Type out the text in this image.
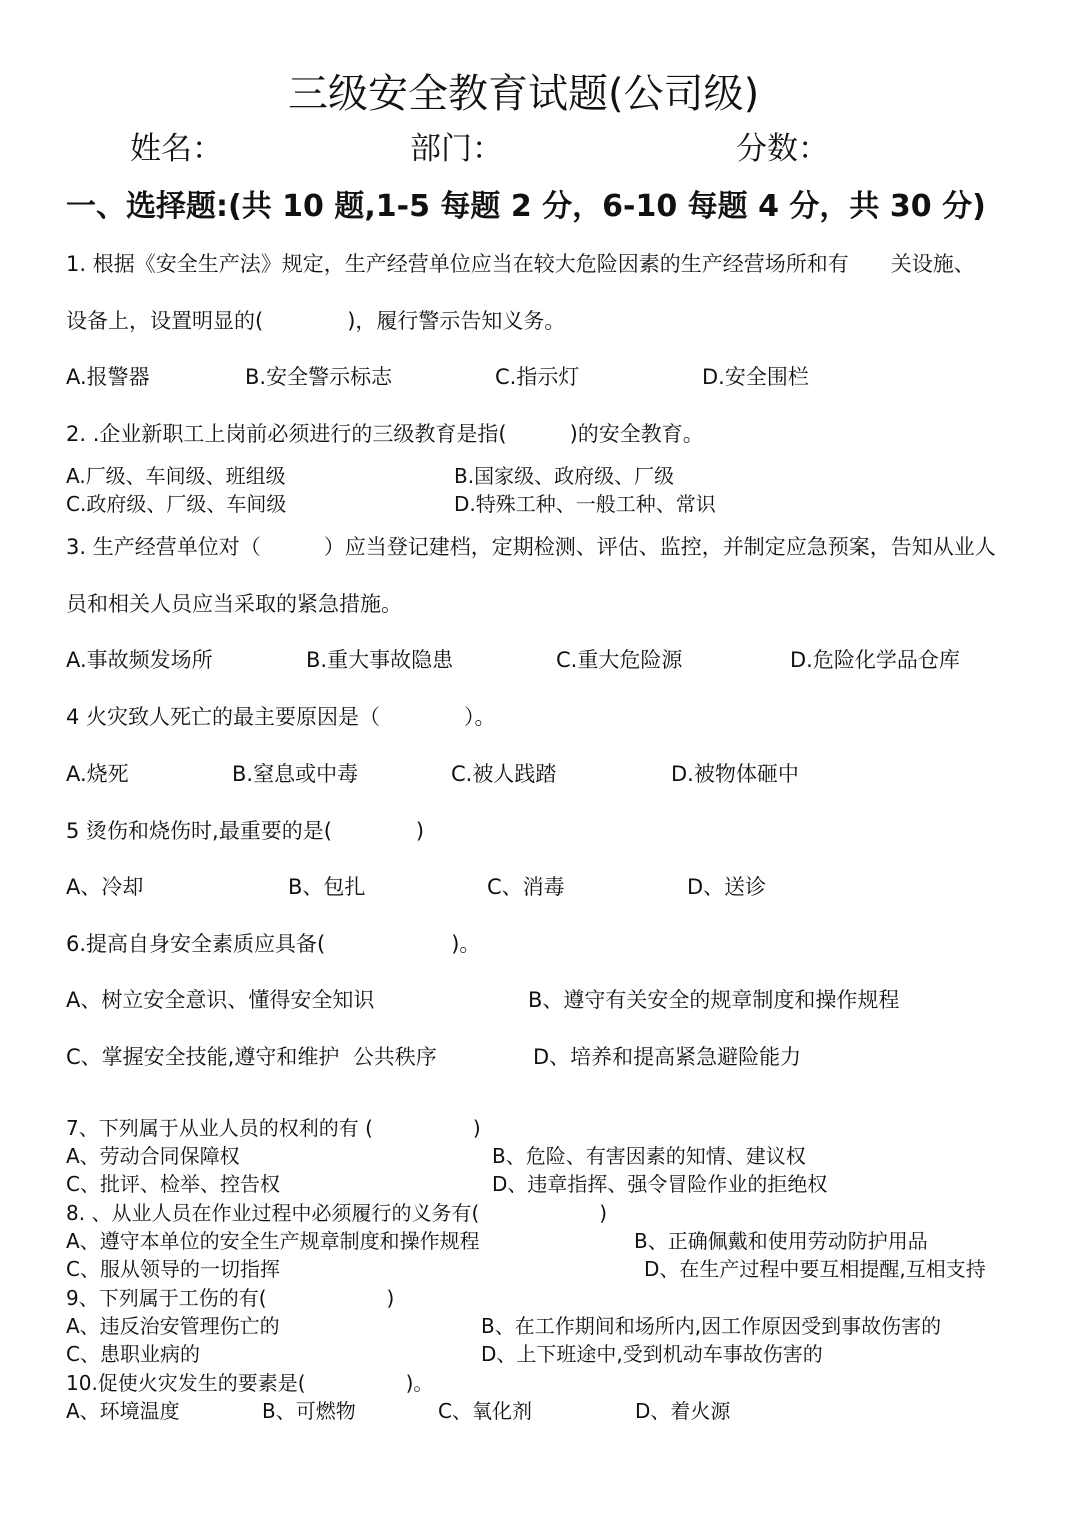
三级安全教育试题(公司级)
姓名：	部门：	分数：
一、选择题:(共 10 题,1-5 每题 2 分，6-10 每题 4 分，共 30 分)
1. 根据《安全生产法》规定，生产经营单位应当在较大危险因素的生产经营场所和有　　关设施、
设备上，设置明显的(　　　　)，履行警示告知义务。
A.报警器	B.安全警示标志	C.指示灯	D.安全围栏
2. .企业新职工上岗前必须进行的三级教育是指(　　　)的安全教育。
A.厂级、车间级、班组级	B.国家级、政府级、厂级
C.政府级、厂级、车间级	D.特殊工种、一般工种、常识
3. 生产经营单位对（　　　）应当登记建档，定期检测、评估、监控，并制定应急预案，告知从业人
员和相关人员应当采取的紧急措施。
A.事故频发场所	B.重大事故隐患	C.重大危险源	D.危险化学品仓库
4 火灾致人死亡的最主要原因是（　　　　）。
A.烧死	B.窒息或中毒	C.被人践踏	D.被物体砸中
5 烫伤和烧伤时,最重要的是(　　　　)
A、冷却	B、包扎	C、消毒	D、送诊
6.提高自身安全素质应具备(　　　　　　)。
A、树立安全意识、懂得安全知识	B、遵守有关安全的规章制度和操作规程
C、掌握安全技能,遵守和维护  公共秩序	D、培养和提高紧急避险能力
7、下列属于从业人员的权利的有 (　　　　　)
A、劳动合同保障权	B、危险、有害因素的知情、建议权
C、批评、检举、控告权	D、违章指挥、强令冒险作业的拒绝权
8. 、从业人员在作业过程中必须履行的义务有(　　　　　　)
A、遵守本单位的安全生产规章制度和操作规程	B、正确佩戴和使用劳动防护用品
C、服从领导的一切指挥	D、在生产过程中要互相提醒,互相支持
9、下列属于工伤的有(　　　　　　)
A、违反治安管理伤亡的	B、在工作期间和场所内,因工作原因受到事故伤害的
C、患职业病的	D、上下班途中,受到机动车事故伤害的
10.促使火灾发生的要素是(　　　　　)。
A、环境温度	B、可燃物	C、氧化剂	D、着火源
